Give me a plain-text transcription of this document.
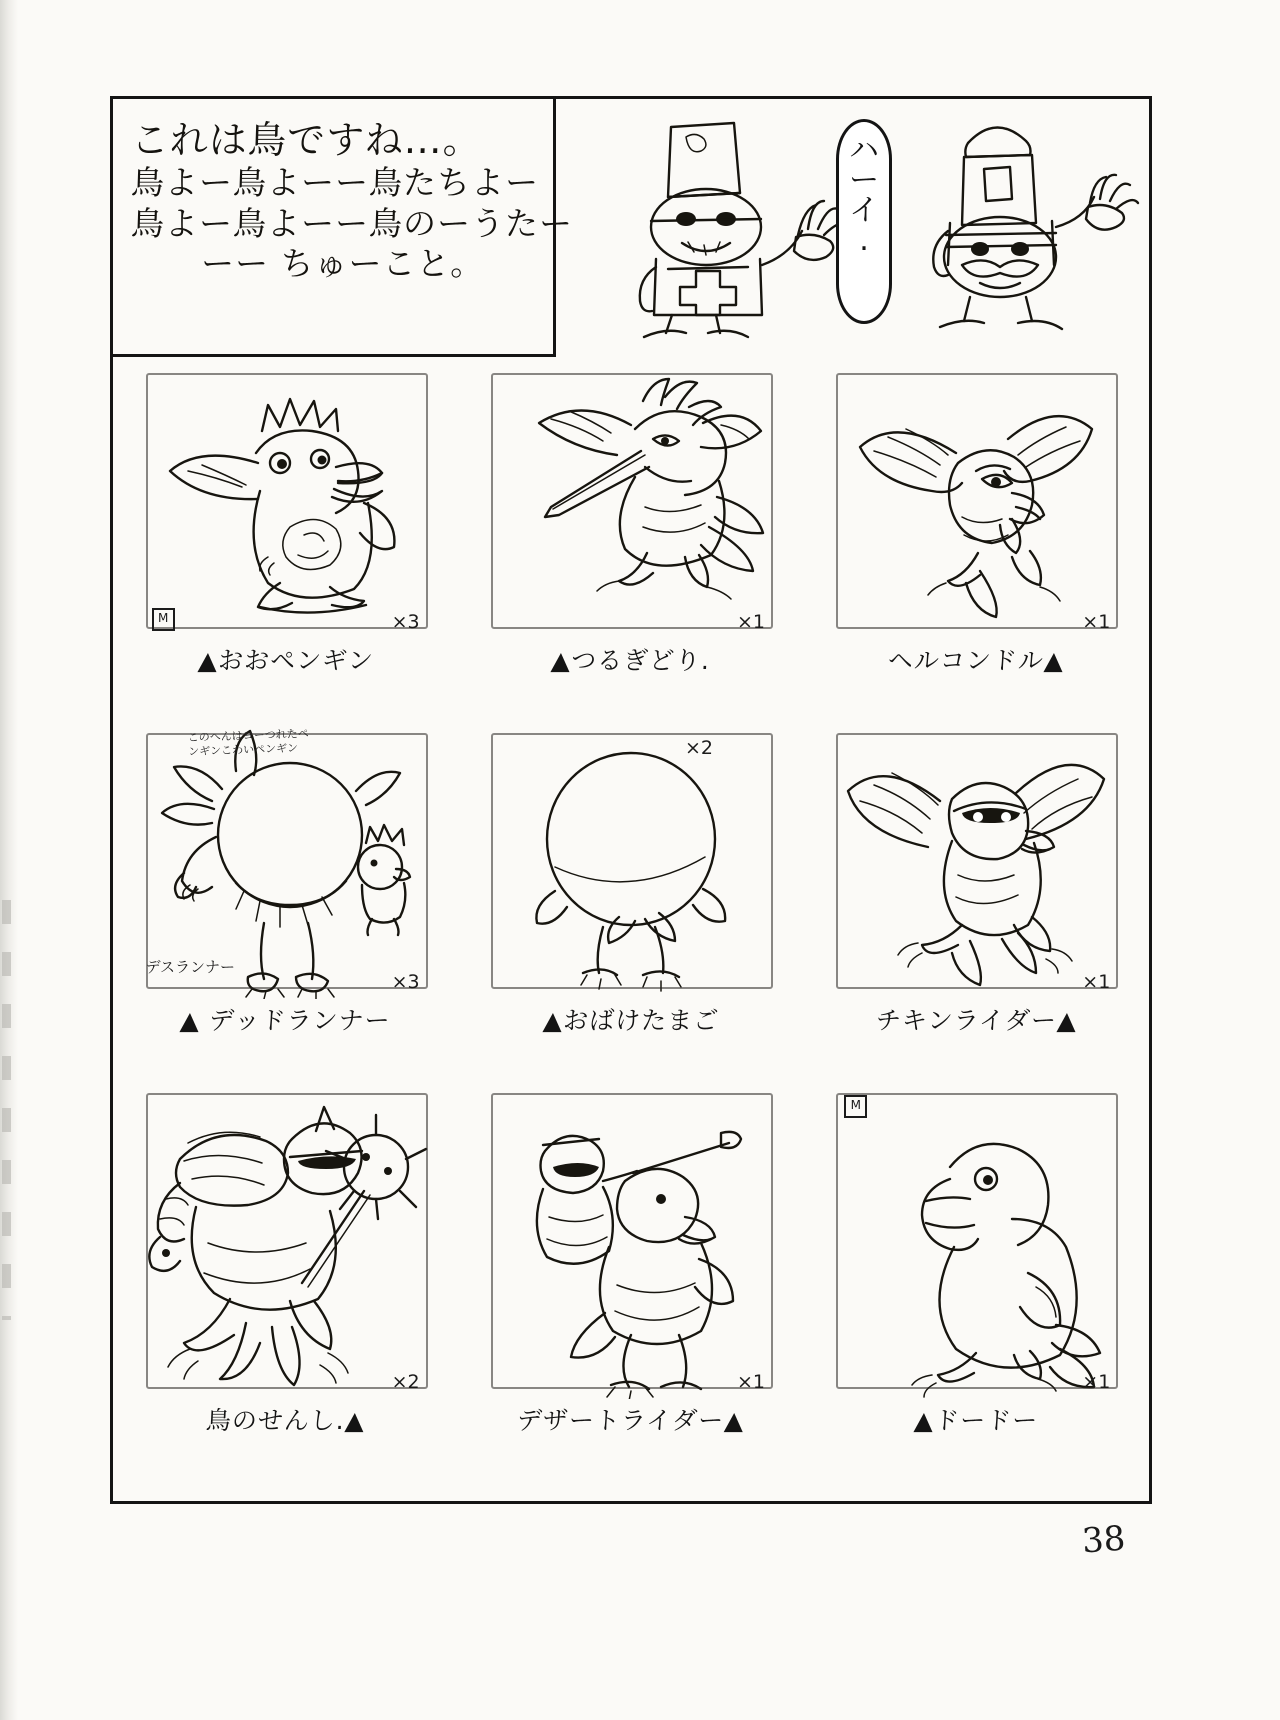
これは鳥ですね…。
鳥よー鳥よーー鳥たちよー
鳥よー鳥よーー鳥のーうたー
ーー ちゅーこと。
ハ
ー
イ
.
M	×3
▲おおペンギン
×1
▲つるぎどり.
×1
ヘルコンドル▲
このへんはヨーつれたペンギンこわいペンギン
デスランナー
×3
▲ デッドランナー
×2
▲おばけたまご
×1
チキンライダー▲
×2
鳥のせんし.▲
×1
デザートライダー▲
M
×1
▲ドードー
38
